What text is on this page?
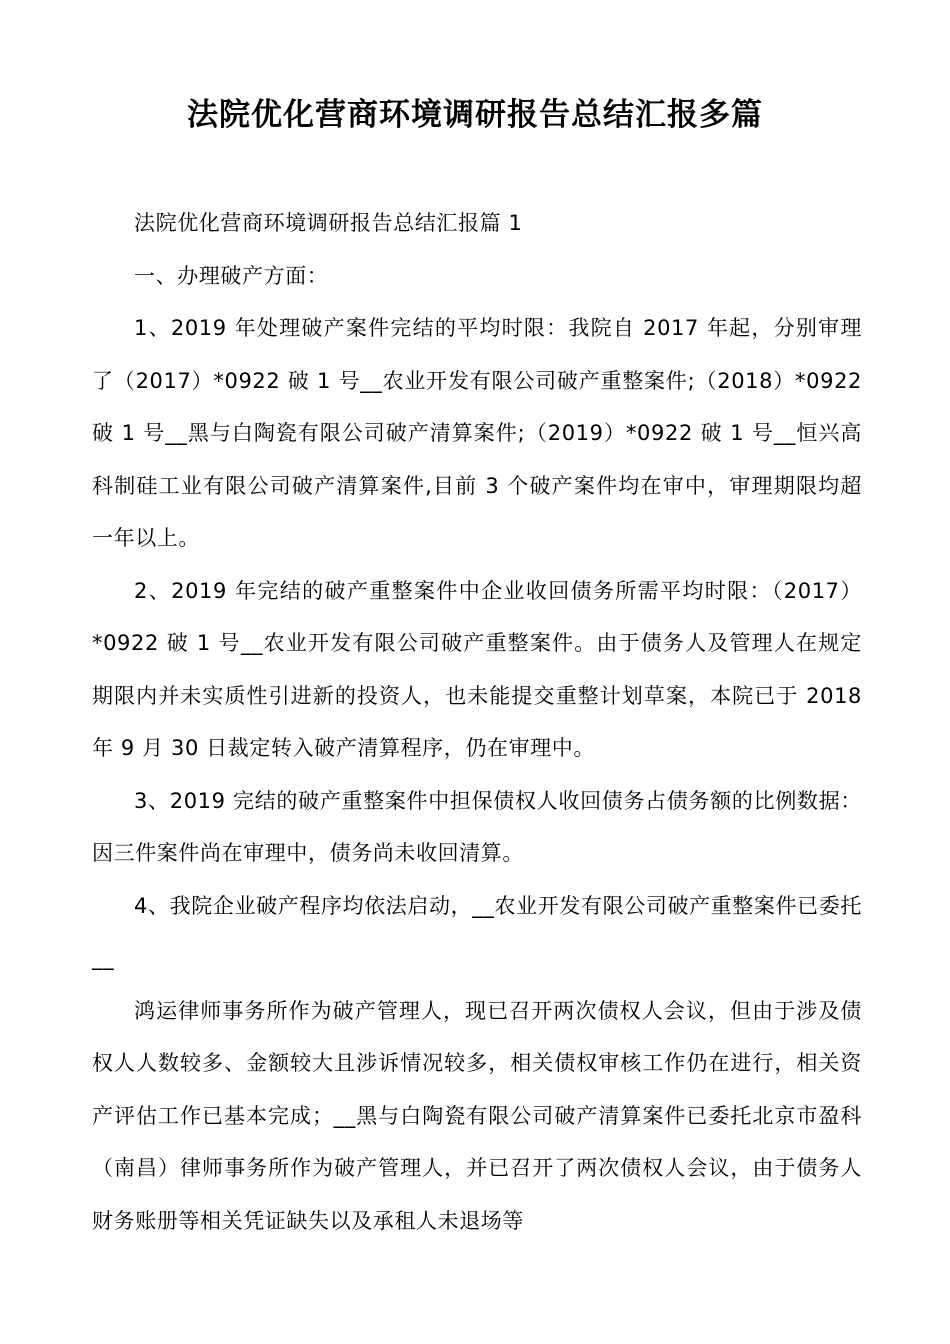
法院优化营商环境调研报告总结汇报多篇

法院优化营商环境调研报告总结汇报篇 1

一、办理破产方面：

1、2019 年处理破产案件完结的平均时限：我院自 2017 年起，分别审理了（2017）*0922 破 1 号__农业开发有限公司破产重整案件;（2018）*0922 破 1 号__黑与白陶瓷有限公司破产清算案件;（2019）*0922 破 1 号__恒兴高科制硅工业有限公司破产清算案件,目前 3 个破产案件均在审中，审理期限均超一年以上。

2、2019 年完结的破产重整案件中企业收回债务所需平均时限：（2017）*0922 破 1 号__农业开发有限公司破产重整案件。由于债务人及管理人在规定期限内并未实质性引进新的投资人，也未能提交重整计划草案，本院已于 2018 年 9 月 30 日裁定转入破产清算程序，仍在审理中。

3、2019 完结的破产重整案件中担保债权人收回债务占债务额的比例数据：因三件案件尚在审理中，债务尚未收回清算。

4、我院企业破产程序均依法启动，__农业开发有限公司破产重整案件已委托__

鸿运律师事务所作为破产管理人，现已召开两次债权人会议，但由于涉及债权人人数较多、金额较大且涉诉情况较多，相关债权审核工作仍在进行，相关资产评估工作已基本完成；__黑与白陶瓷有限公司破产清算案件已委托北京市盈科（南昌）律师事务所作为破产管理人，并已召开了两次债权人会议，由于债务人财务账册等相关凭证缺失以及承租人未退场等
